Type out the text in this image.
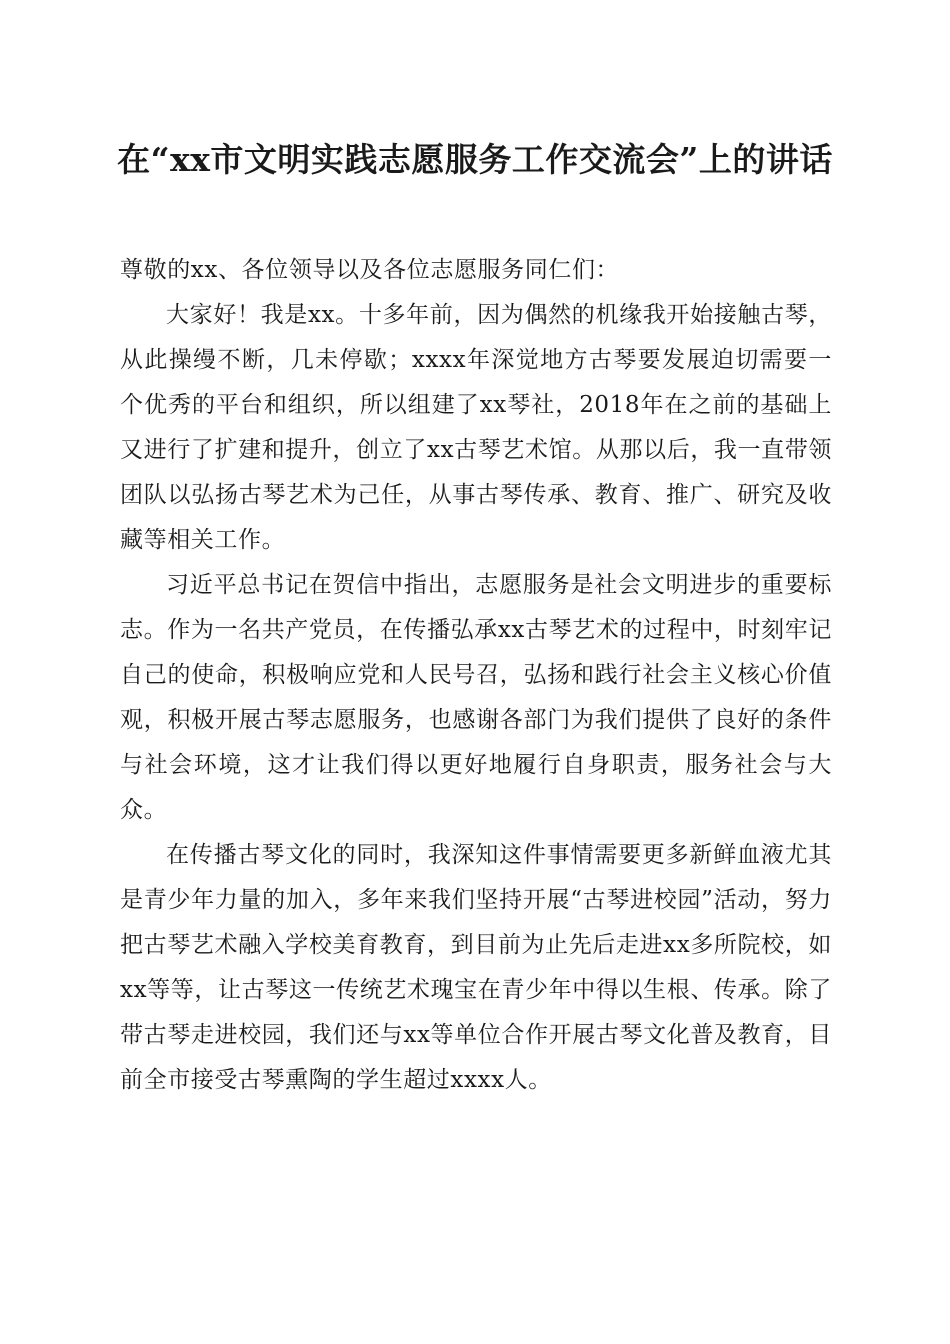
在“xx市文明实践志愿服务工作交流会”上的讲话

尊敬的xx、各位领导以及各位志愿服务同仁们：

大家好！我是xx。十多年前，因为偶然的机缘我开始接触古琴，从此操缦不断，几未停歇；xxxx年深觉地方古琴要发展迫切需要一个优秀的平台和组织，所以组建了xx琴社，2018年在之前的基础上又进行了扩建和提升，创立了xx古琴艺术馆。从那以后，我一直带领团队以弘扬古琴艺术为己任，从事古琴传承、教育、推广、研究及收藏等相关工作。

习近平总书记在贺信中指出，志愿服务是社会文明进步的重要标志。作为一名共产党员，在传播弘承xx古琴艺术的过程中，时刻牢记自己的使命，积极响应党和人民号召，弘扬和践行社会主义核心价值观，积极开展古琴志愿服务，也感谢各部门为我们提供了良好的条件与社会环境，这才让我们得以更好地履行自身职责，服务社会与大众。

在传播古琴文化的同时，我深知这件事情需要更多新鲜血液尤其是青少年力量的加入，多年来我们坚持开展“古琴进校园”活动，努力把古琴艺术融入学校美育教育，到目前为止先后走进xx多所院校，如xx等等，让古琴这一传统艺术瑰宝在青少年中得以生根、传承。除了带古琴走进校园，我们还与xx等单位合作开展古琴文化普及教育，目前全市接受古琴熏陶的学生超过xxxx人。
